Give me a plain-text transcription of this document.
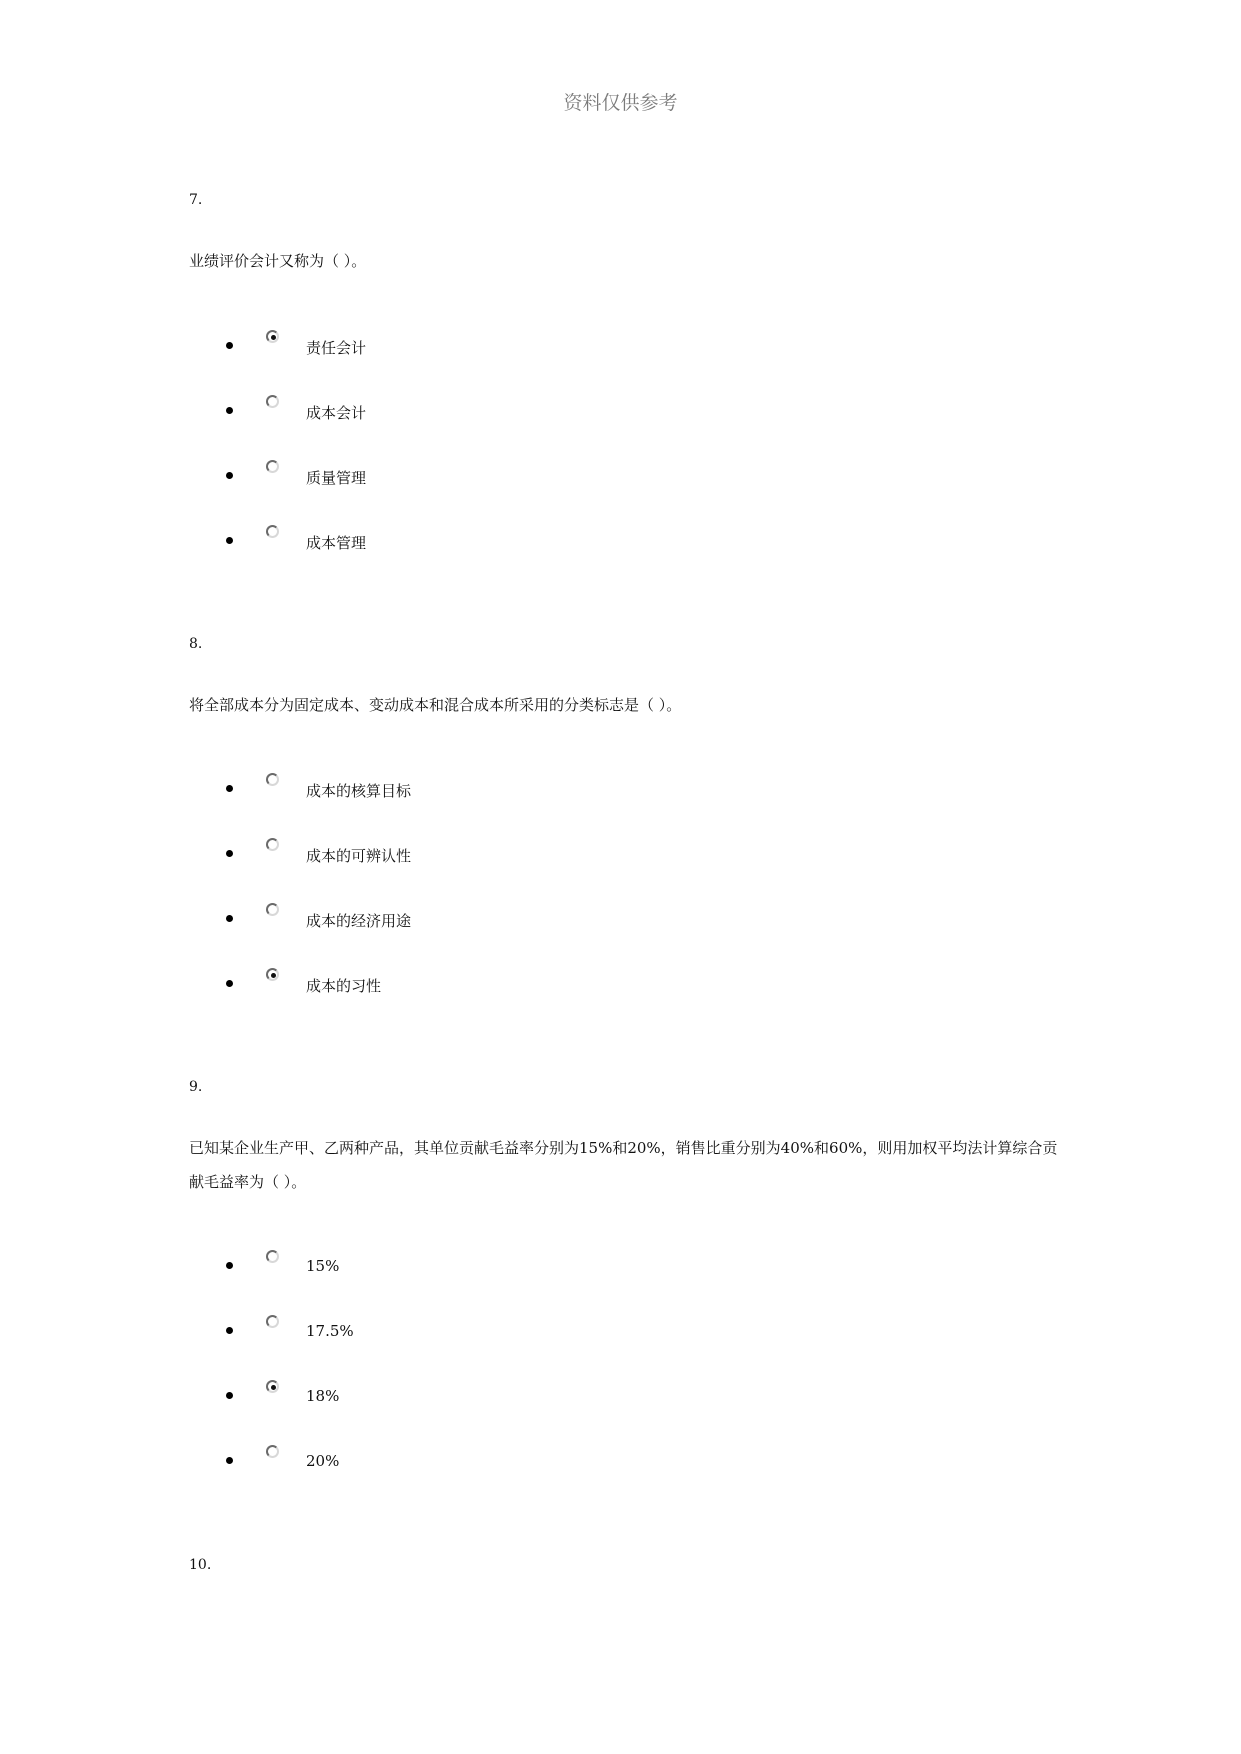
资料仅供参考
7.
业绩评价会计又称为（ ）。
责任会计
成本会计
质量管理
成本管理
8.
将全部成本分为固定成本、变动成本和混合成本所采用的分类标志是（ ）。
成本的核算目标
成本的可辨认性
成本的经济用途
成本的习性
9.
已知某企业生产甲、乙两种产品，其单位贡献毛益率分别为15%和20%，销售比重分别为40%和60%，则用加权平均法计算综合贡献毛益率为（ ）。
15%
17.5%
18%
20%
10.
